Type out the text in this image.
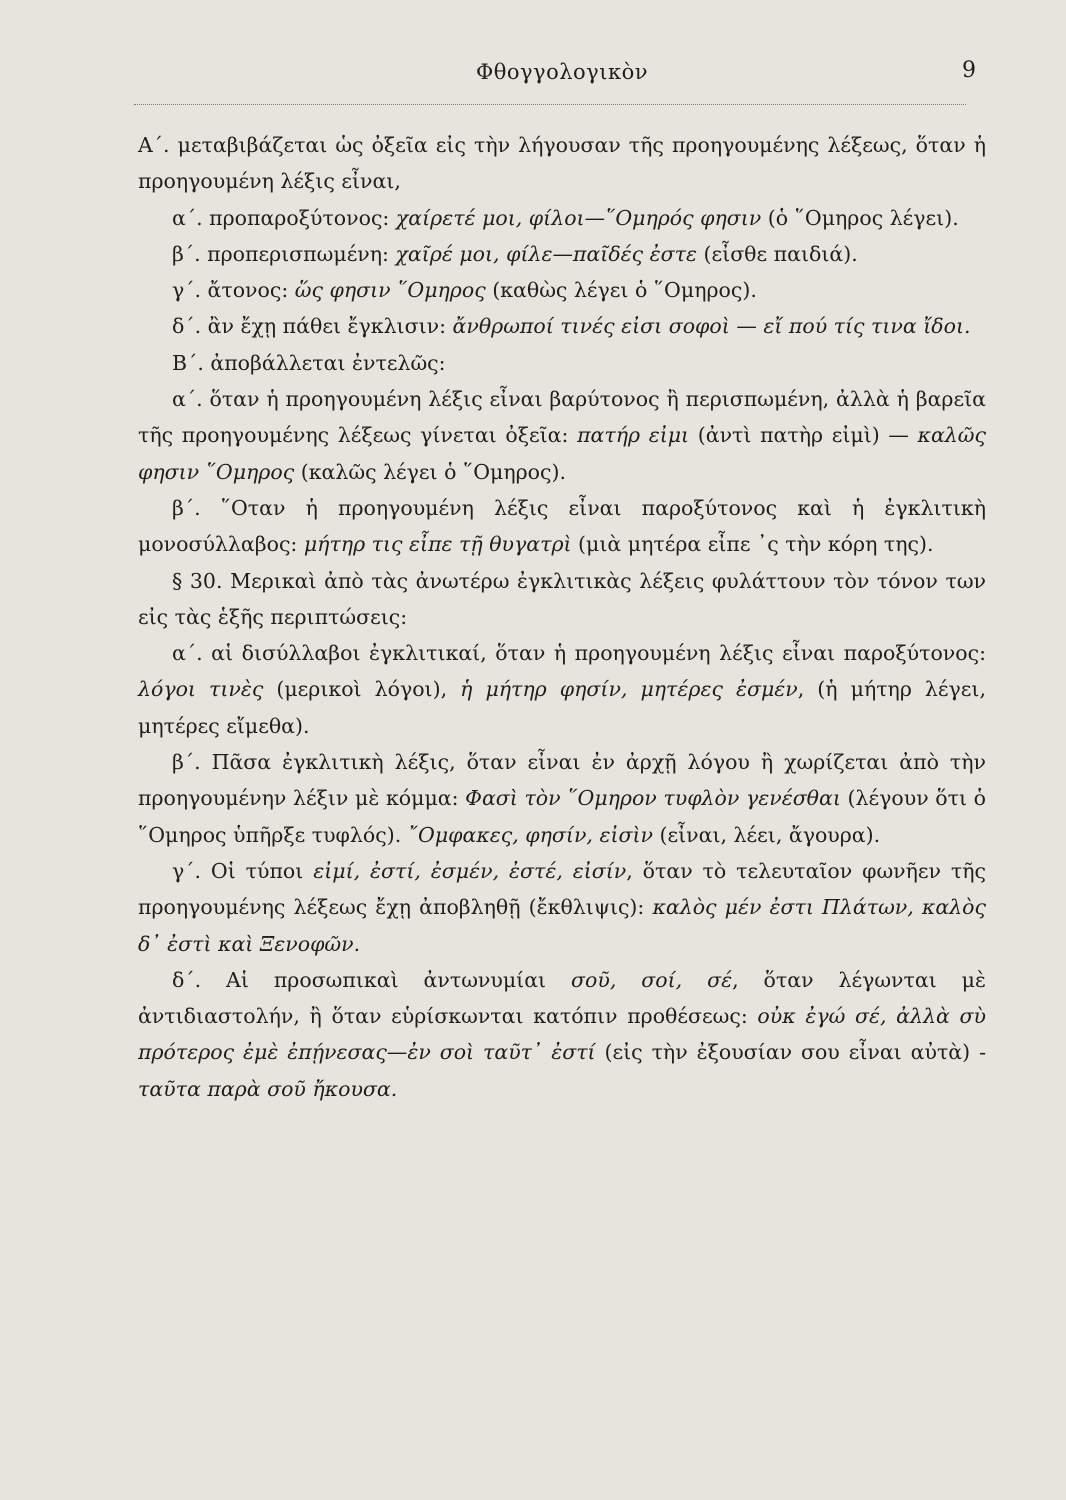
Φθογγολογικὸν	9

Α΄. μεταβιβάζεται ὡς ὀξεῖα εἰς τὴν λήγουσαν τῆς προηγουμένης λέξεως, ὅταν ἡ προηγουμένη λέξις εἶναι,

α΄. προπαροξύτονος: χαίρετέ μοι, φίλοι—῞Ομηρός φησιν (ὁ ῞Ομηρος λέγει).

β΄. προπερισπωμένη: χαῖρέ μοι, φίλε—παῖδές ἐστε (εἶσθε παιδιά).

γ΄. ἄτονος: ὥς φησιν ῞Ομηρος (καθὼς λέγει ὁ ῞Ομηρος).

δ΄. ἂν ἔχῃ πάθει ἔγκλισιν: ἄνθρωποί τινές εἰσι σοφοὶ — εἴ πού τίς τινα ἴδοι.

Β΄. ἀποβάλλεται ἐντελῶς:

α΄. ὅταν ἡ προηγουμένη λέξις εἶναι βαρύτονος ἢ περισπωμένη, ἀλλὰ ἡ βαρεῖα τῆς προηγουμένης λέξεως γίνεται ὀξεῖα: πατήρ εἰμι (ἀντὶ πατὴρ εἰμὶ) — καλῶς φησιν ῞Ομηρος (καλῶς λέγει ὁ ῞Ομηρος).

β΄. ῞Οταν ἡ προηγουμένη λέξις εἶναι παροξύτονος καὶ ἡ ἐγκλιτικὴ μονοσύλλαβος: μήτηρ τις εἶπε τῇ θυγατρὶ (μιὰ μητέρα εἶπε ᾽ς τὴν κόρη της).

§ 30. Μερικαὶ ἀπὸ τὰς ἀνωτέρω ἐγκλιτικὰς λέξεις φυλάττουν τὸν τόνον των εἰς τὰς ἑξῆς περιπτώσεις:

α΄. αἱ δισύλλαβοι ἐγκλιτικαί, ὅταν ἡ προηγουμένη λέξις εἶναι παροξύτονος: λόγοι τινὲς (μερικοὶ λόγοι), ἡ μήτηρ φησίν, μητέρες ἐσμέν, (ἡ μήτηρ λέγει, μητέρες εἴμεθα).

β΄. Πᾶσα ἐγκλιτικὴ λέξις, ὅταν εἶναι ἐν ἀρχῇ λόγου ἢ χωρίζεται ἀπὸ τὴν προηγουμένην λέξιν μὲ κόμμα: Φασὶ τὸν ῞Ομηρον τυφλὸν γενέσθαι (λέγουν ὅτι ὁ ῞Ομηρος ὑπῆρξε τυφλός). ῎Ομφακες, φησίν, εἰσὶν (εἶναι, λέει, ἄγουρα).

γ΄. Οἱ τύποι εἰμί, ἐστί, ἐσμέν, ἐστέ, εἰσίν, ὅταν τὸ τελευταῖον φωνῆεν τῆς προηγουμένης λέξεως ἔχῃ ἀποβληθῇ (ἔκθλιψις): καλὸς μέν ἐστι Πλάτων, καλὸς δ᾽ ἐστὶ καὶ Ξενοφῶν.

δ΄. Αἱ προσωπικαὶ ἀντωνυμίαι σοῦ, σοί, σέ, ὅταν λέγωνται μὲ ἀντιδιαστολήν, ἢ ὅταν εὑρίσκωνται κατόπιν προθέσεως: οὐκ ἐγώ σέ, ἀλλὰ σὺ πρότερος ἐμὲ ἐπῄνεσας—ἐν σοὶ ταῦτ᾽ ἐστί (εἰς τὴν ἐξουσίαν σου εἶναι αὐτὰ) - ταῦτα παρὰ σοῦ ἤκουσα.
